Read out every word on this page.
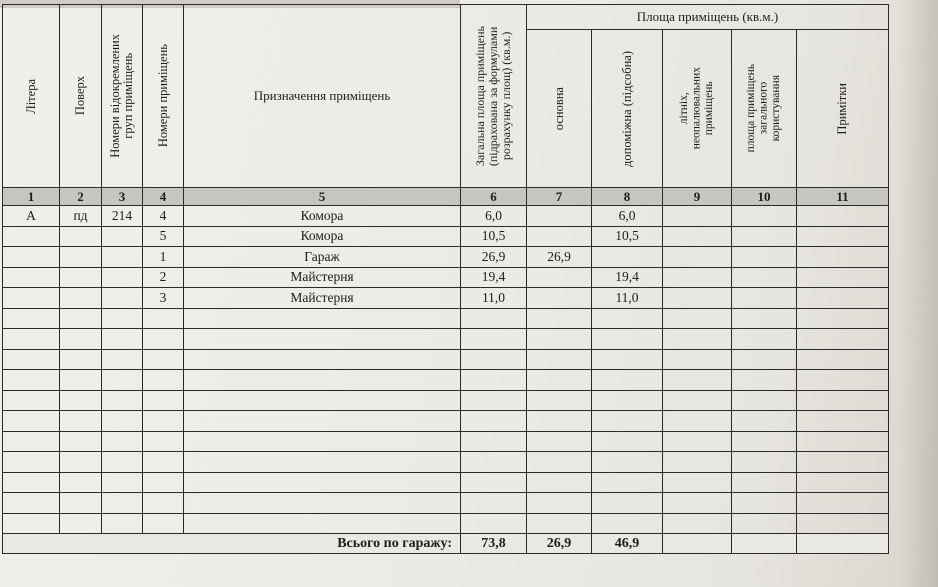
Літера	Поверх	Номери відокремлених
груп приміщень	Номери приміщень	Призначення приміщень	Загальна площа приміщень
(підрахована за формулами
розрахунку площ) (кв.м.)	Площа приміщень (кв.м.)				

						основна	допоміжна (підсобна)	літніх,
неопалювальних
приміщень	площа приміщень
загального
користування	Примітки

1	2	3	4	5	6	7	8	9	10	11
А	пд	214	4	Комора	6,0		6,0			
			5	Комора	10,5		10,5			
			1	Гараж	26,9	26,9				
			2	Майстерня	19,4		19,4			
			3	Майстерня	11,0		11,0			

Всього по гаражу:					73,8	26,9	46,9			
